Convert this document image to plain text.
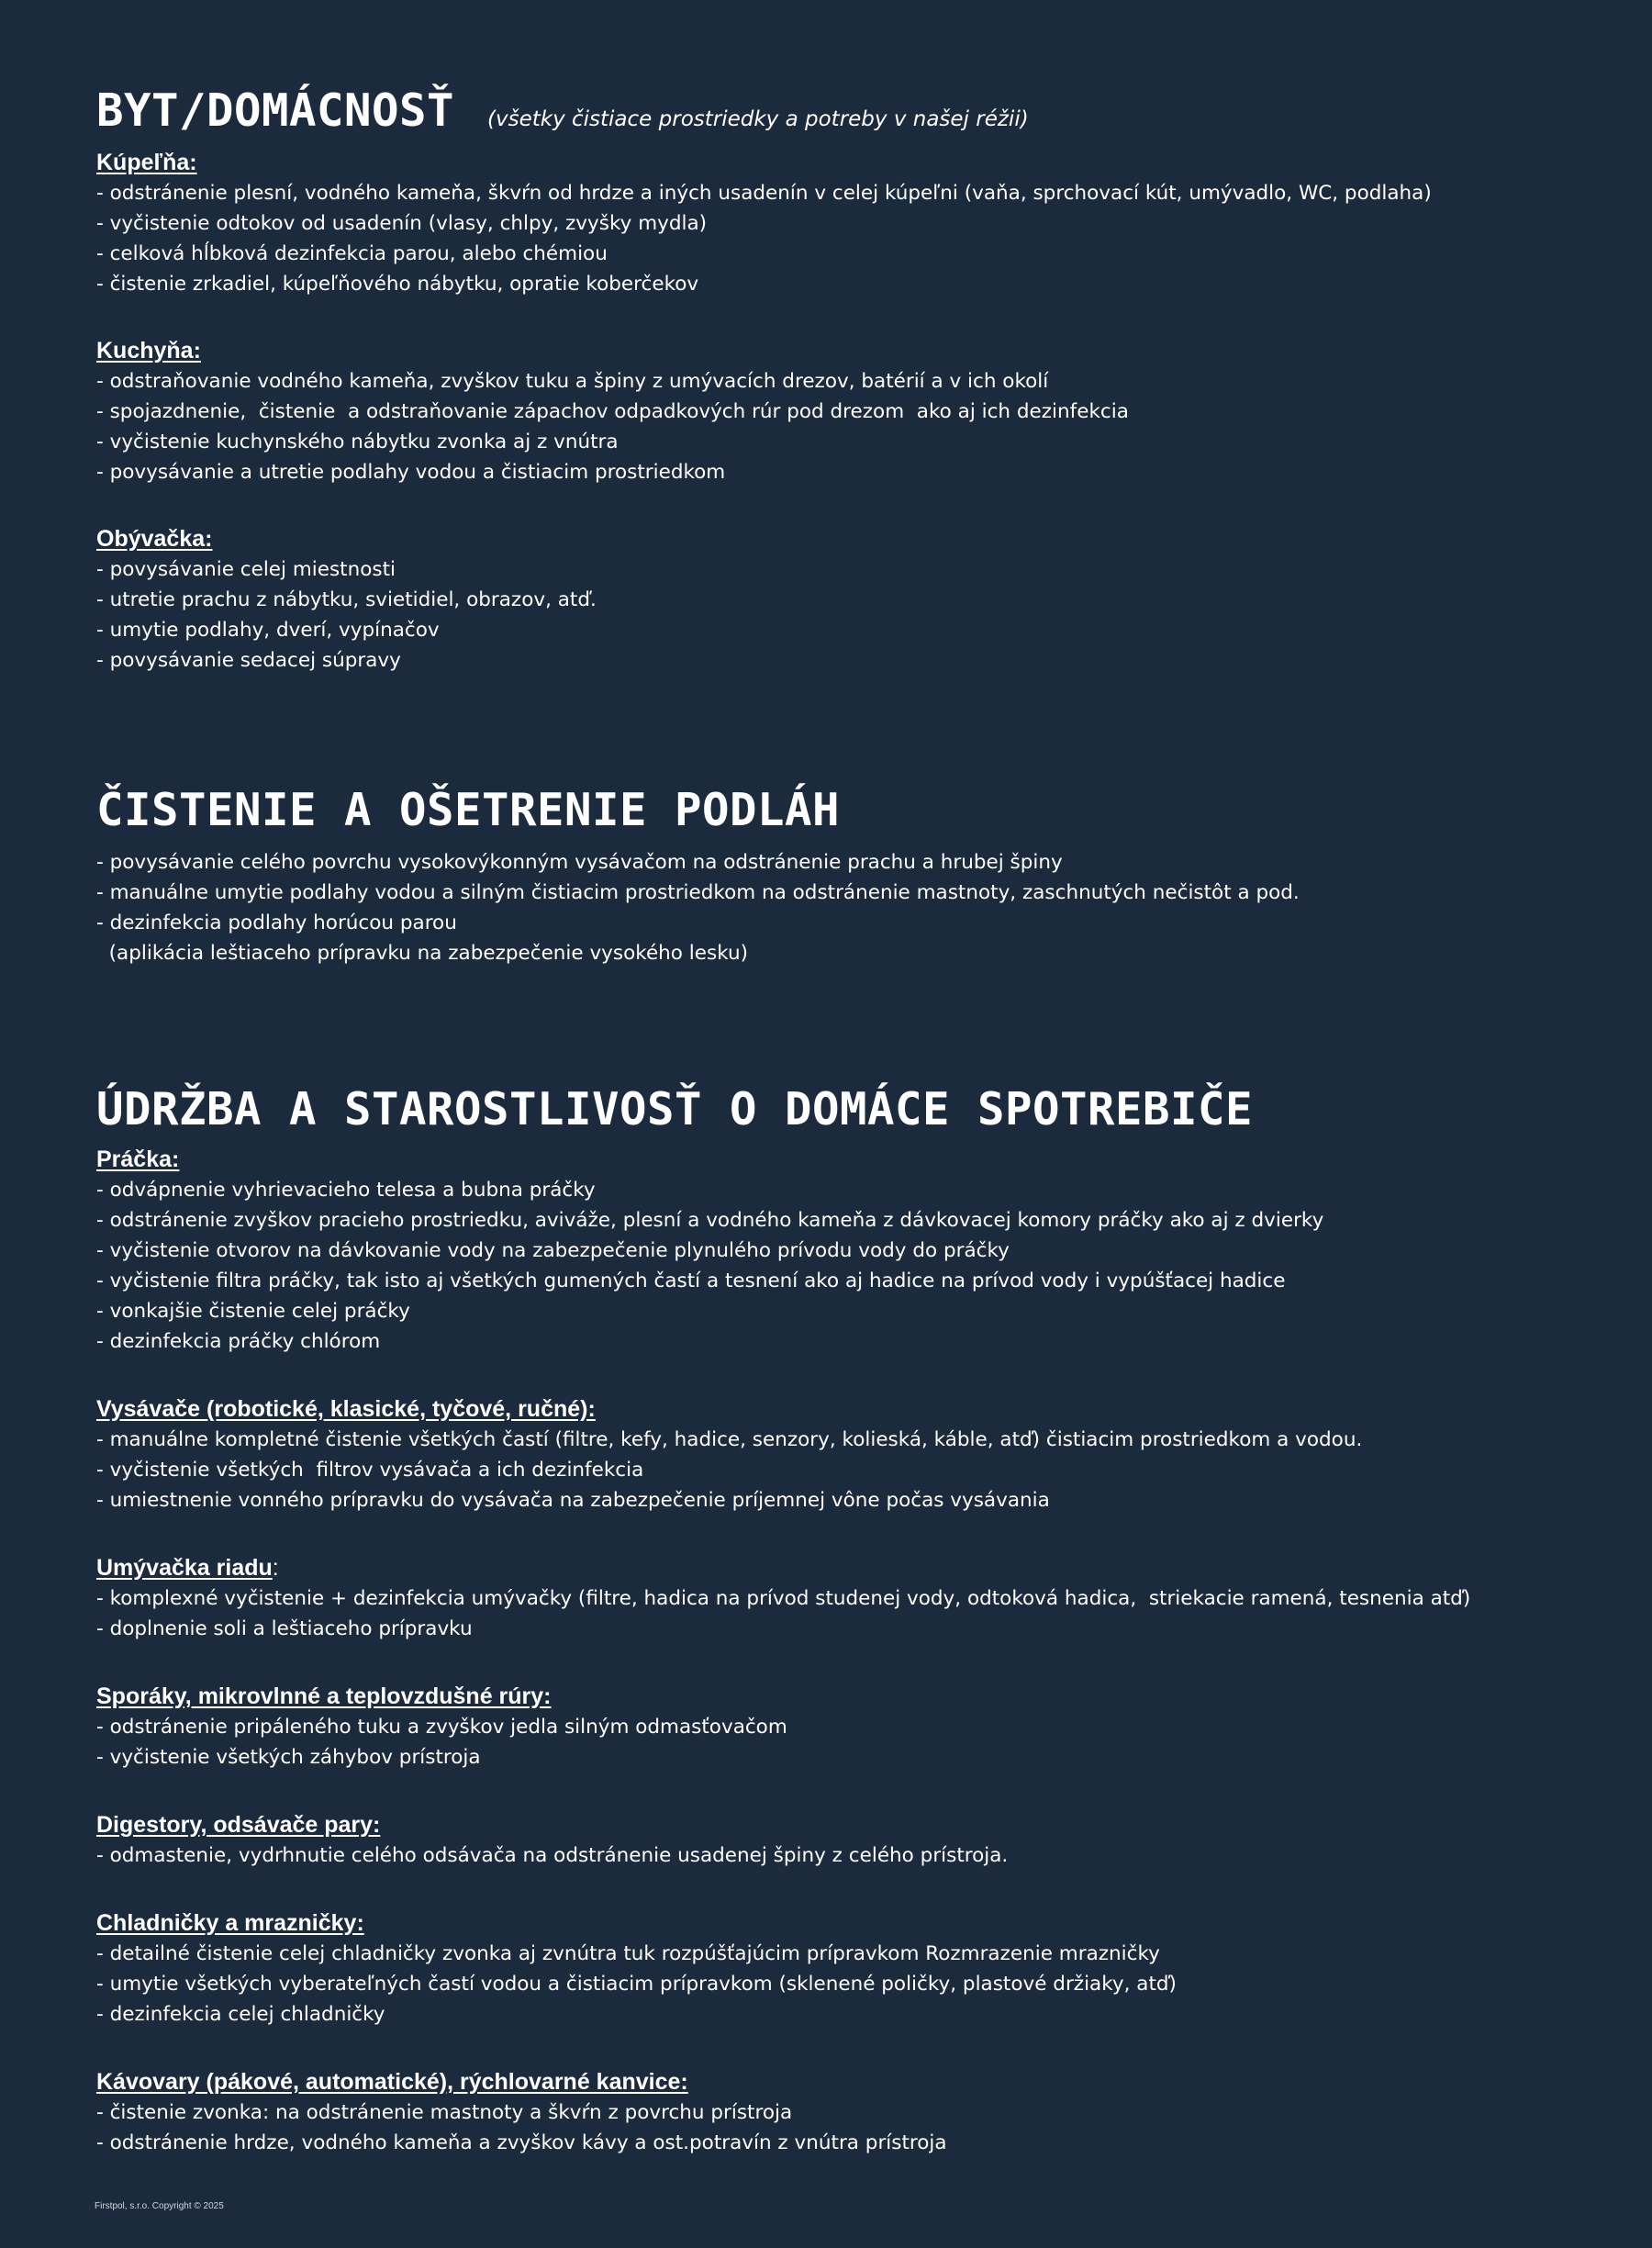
BYT/DOMÁCNOSŤ (všetky čistiace prostriedky a potreby v našej réžii)

Kúpeľňa:

- odstránenie plesní, vodného kameňa, škvŕn od hrdze a iných usadenín v celej kúpeľni (vaňa, sprchovací kút, umývadlo, WC, podlaha)

- vyčistenie odtokov od usadenín (vlasy, chlpy, zvyšky mydla)

- celková hĺbková dezinfekcia parou, alebo chémiou

- čistenie zrkadiel, kúpeľňového nábytku, opratie koberčekov

Kuchyňa:

- odstraňovanie vodného kameňa, zvyškov tuku a špiny z umývacích drezov, batérií a v ich okolí

- spojazdnenie,  čistenie  a odstraňovanie zápachov odpadkových rúr pod drezom  ako aj ich dezinfekcia

- vyčistenie kuchynského nábytku zvonka aj z vnútra

- povysávanie a utretie podlahy vodou a čistiacim prostriedkom

Obývačka:

- povysávanie celej miestnosti

- utretie prachu z nábytku, svietidiel, obrazov, atď.

- umytie podlahy, dverí, vypínačov

- povysávanie sedacej súpravy

ČISTENIE A OŠETRENIE PODLÁH

- povysávanie celého povrchu vysokovýkonným vysávačom na odstránenie prachu a hrubej špiny

- manuálne umytie podlahy vodou a silným čistiacim prostriedkom na odstránenie mastnoty, zaschnutých nečistôt a pod.

- dezinfekcia podlahy horúcou parou

(aplikácia leštiaceho prípravku na zabezpečenie vysokého lesku)

ÚDRŽBA A STAROSTLIVOSŤ O DOMÁCE SPOTREBIČE

Práčka:

- odvápnenie vyhrievacieho telesa a bubna práčky

- odstránenie zvyškov pracieho prostriedku, aviváže, plesní a vodného kameňa z dávkovacej komory práčky ako aj z dvierky

- vyčistenie otvorov na dávkovanie vody na zabezpečenie plynulého prívodu vody do práčky

- vyčistenie filtra práčky, tak isto aj všetkých gumených častí a tesnení ako aj hadice na prívod vody i vypúšťacej hadice

- vonkajšie čistenie celej práčky

- dezinfekcia práčky chlórom

Vysávače (robotické, klasické, tyčové, ručné):

- manuálne kompletné čistenie všetkých častí (filtre, kefy, hadice, senzory, kolieská, káble, atď) čistiacim prostriedkom a vodou.

- vyčistenie všetkých  filtrov vysávača a ich dezinfekcia

- umiestnenie vonného prípravku do vysávača na zabezpečenie príjemnej vône počas vysávania

Umývačka riadu:

- komplexné vyčistenie + dezinfekcia umývačky (filtre, hadica na prívod studenej vody, odtoková hadica,  striekacie ramená, tesnenia atď)

- doplnenie soli a leštiaceho prípravku

Sporáky, mikrovlnné a teplovzdušné rúry:

- odstránenie pripáleného tuku a zvyškov jedla silným odmasťovačom

- vyčistenie všetkých záhybov prístroja

Digestory, odsávače pary:

- odmastenie, vydrhnutie celého odsávača na odstránenie usadenej špiny z celého prístroja.

Chladničky a mrazničky:

- detailné čistenie celej chladničky zvonka aj zvnútra tuk rozpúšťajúcim prípravkom Rozmrazenie mrazničky

- umytie všetkých vyberateľných častí vodou a čistiacim prípravkom (sklenené poličky, plastové držiaky, atď)

- dezinfekcia celej chladničky

Kávovary (pákové, automatické), rýchlovarné kanvice:

- čistenie zvonka: na odstránenie mastnoty a škvŕn z povrchu prístroja

- odstránenie hrdze, vodného kameňa a zvyškov kávy a ost.potravín z vnútra prístroja

Firstpol, s.r.o. Copyright © 2025
